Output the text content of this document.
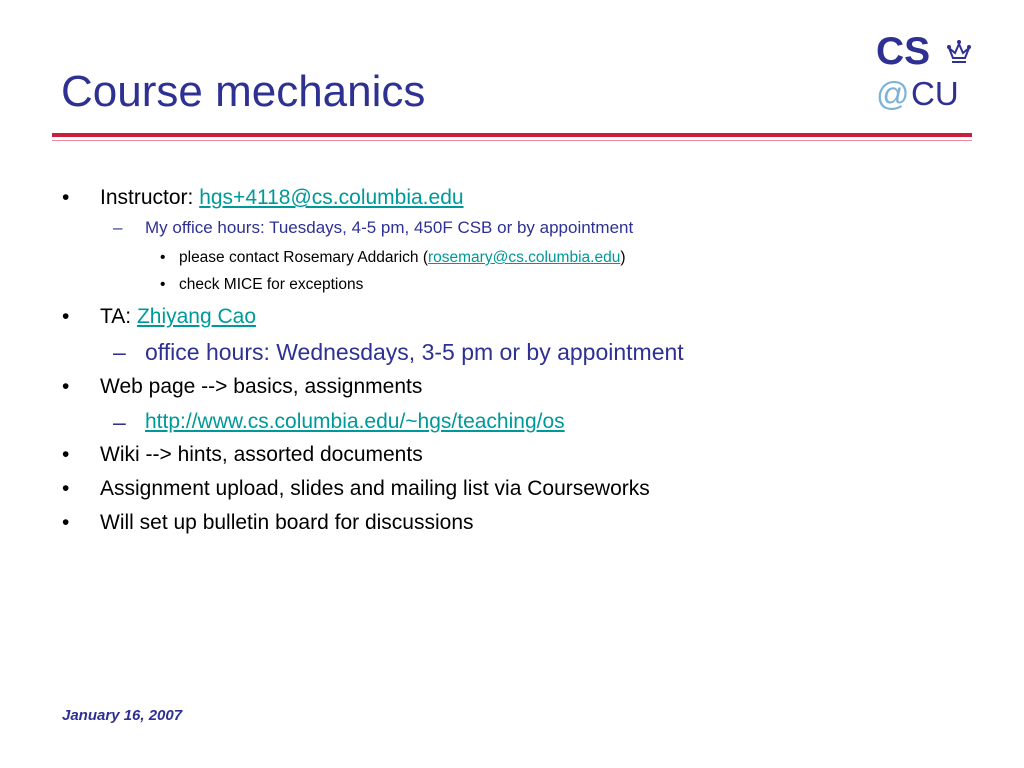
Course mechanics
CS
@ CU
•	Instructor: hgs+4118@cs.columbia.edu
– My office hours: Tuesdays, 4-5 pm, 450F CSB or by appointment
• please contact Rosemary Addarich (rosemary@cs.columbia.edu)
• check MICE for exceptions
•	TA: Zhiyang Cao
– office hours: Wednesdays, 3-5 pm or by appointment
•	Web page --> basics, assignments
– http://www.cs.columbia.edu/~hgs/teaching/os
•	Wiki --> hints, assorted documents
•	Assignment upload, slides and mailing list via Courseworks
•	Will set up bulletin board for discussions
January 16, 2007
